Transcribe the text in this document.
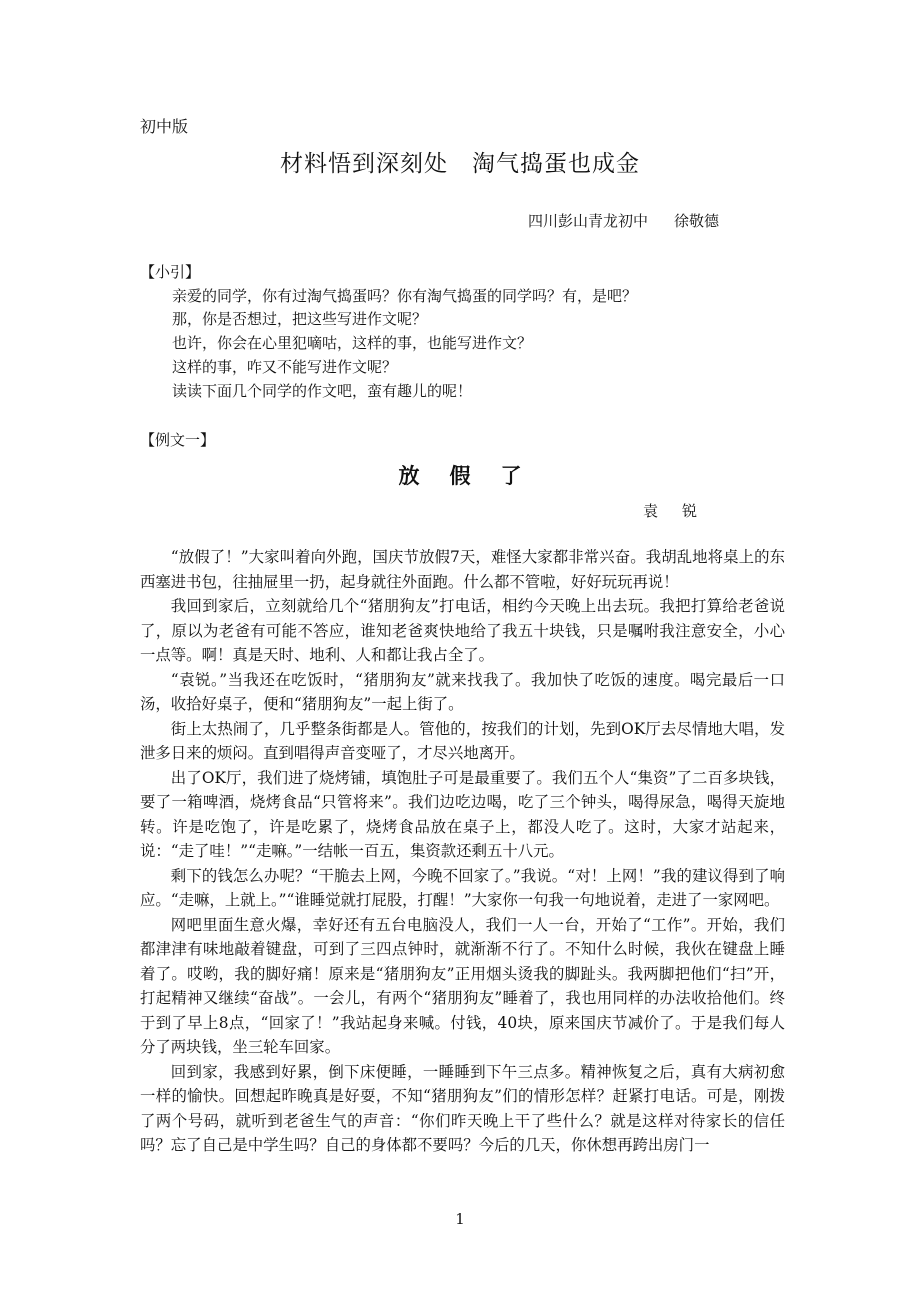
初中版
材料悟到深刻处　淘气捣蛋也成金
四川彭山青龙初中 徐敬德
【小引】
亲爱的同学，你有过淘气捣蛋吗？你有淘气捣蛋的同学吗？有，是吧？
那，你是否想过，把这些写进作文呢？
也许，你会在心里犯嘀咕，这样的事，也能写进作文？
这样的事，咋又不能写进作文呢？
读读下面几个同学的作文吧，蛮有趣儿的呢！
【例文一】
放假了
袁锐

“放假了！”大家叫着向外跑，国庆节放假7天，难怪大家都非常兴奋。我胡乱地将桌上的东西塞进书包，往抽屉里一扔，起身就往外面跑。什么都不管啦，好好玩玩再说！

我回到家后，立刻就给几个“猪朋狗友”打电话，相约今天晚上出去玩。我把打算给老爸说了，原以为老爸有可能不答应，谁知老爸爽快地给了我五十块钱，只是嘱咐我注意安全，小心一点等。啊！真是天时、地利、人和都让我占全了。

“袁锐。”当我还在吃饭时，“猪朋狗友”就来找我了。我加快了吃饭的速度。喝完最后一口汤，收拾好桌子，便和“猪朋狗友”一起上街了。

街上太热闹了，几乎整条街都是人。管他的，按我们的计划，先到OK厅去尽情地大唱，发泄多日来的烦闷。直到唱得声音变哑了，才尽兴地离开。

出了OK厅，我们进了烧烤铺，填饱肚子可是最重要了。我们五个人“集资”了二百多块钱，要了一箱啤酒，烧烤食品“只管将来”。我们边吃边喝，吃了三个钟头，喝得尿急，喝得天旋地转。许是吃饱了，许是吃累了，烧烤食品放在桌子上，都没人吃了。这时，大家才站起来，说：“走了哇！”“走嘛。”一结帐一百五，集资款还剩五十八元。

剩下的钱怎么办呢？“干脆去上网，今晚不回家了。”我说。“对！上网！”我的建议得到了响应。“走嘛，上就上。”“谁睡觉就打屁股，打醒！”大家你一句我一句地说着，走进了一家网吧。

网吧里面生意火爆，幸好还有五台电脑没人，我们一人一台，开始了“工作”。开始，我们都津津有味地敲着键盘，可到了三四点钟时，就渐渐不行了。不知什么时候，我伙在键盘上睡着了。哎哟，我的脚好痛！原来是“猪朋狗友”正用烟头烫我的脚趾头。我两脚把他们“扫”开，打起精神又继续“奋战”。一会儿，有两个“猪朋狗友”睡着了，我也用同样的办法收拾他们。终于到了早上8点，“回家了！”我站起身来喊。付钱，40块，原来国庆节减价了。于是我们每人分了两块钱，坐三轮车回家。

回到家，我感到好累，倒下床便睡，一睡睡到下午三点多。精神恢复之后，真有大病初愈一样的愉快。回想起昨晚真是好耍，不知“猪朋狗友”们的情形怎样？赶紧打电话。可是，刚拨了两个号码，就听到老爸生气的声音：“你们昨天晚上干了些什么？就是这样对待家长的信任吗？忘了自己是中学生吗？自己的身体都不要吗？今后的几天，你休想再跨出房门一

1
